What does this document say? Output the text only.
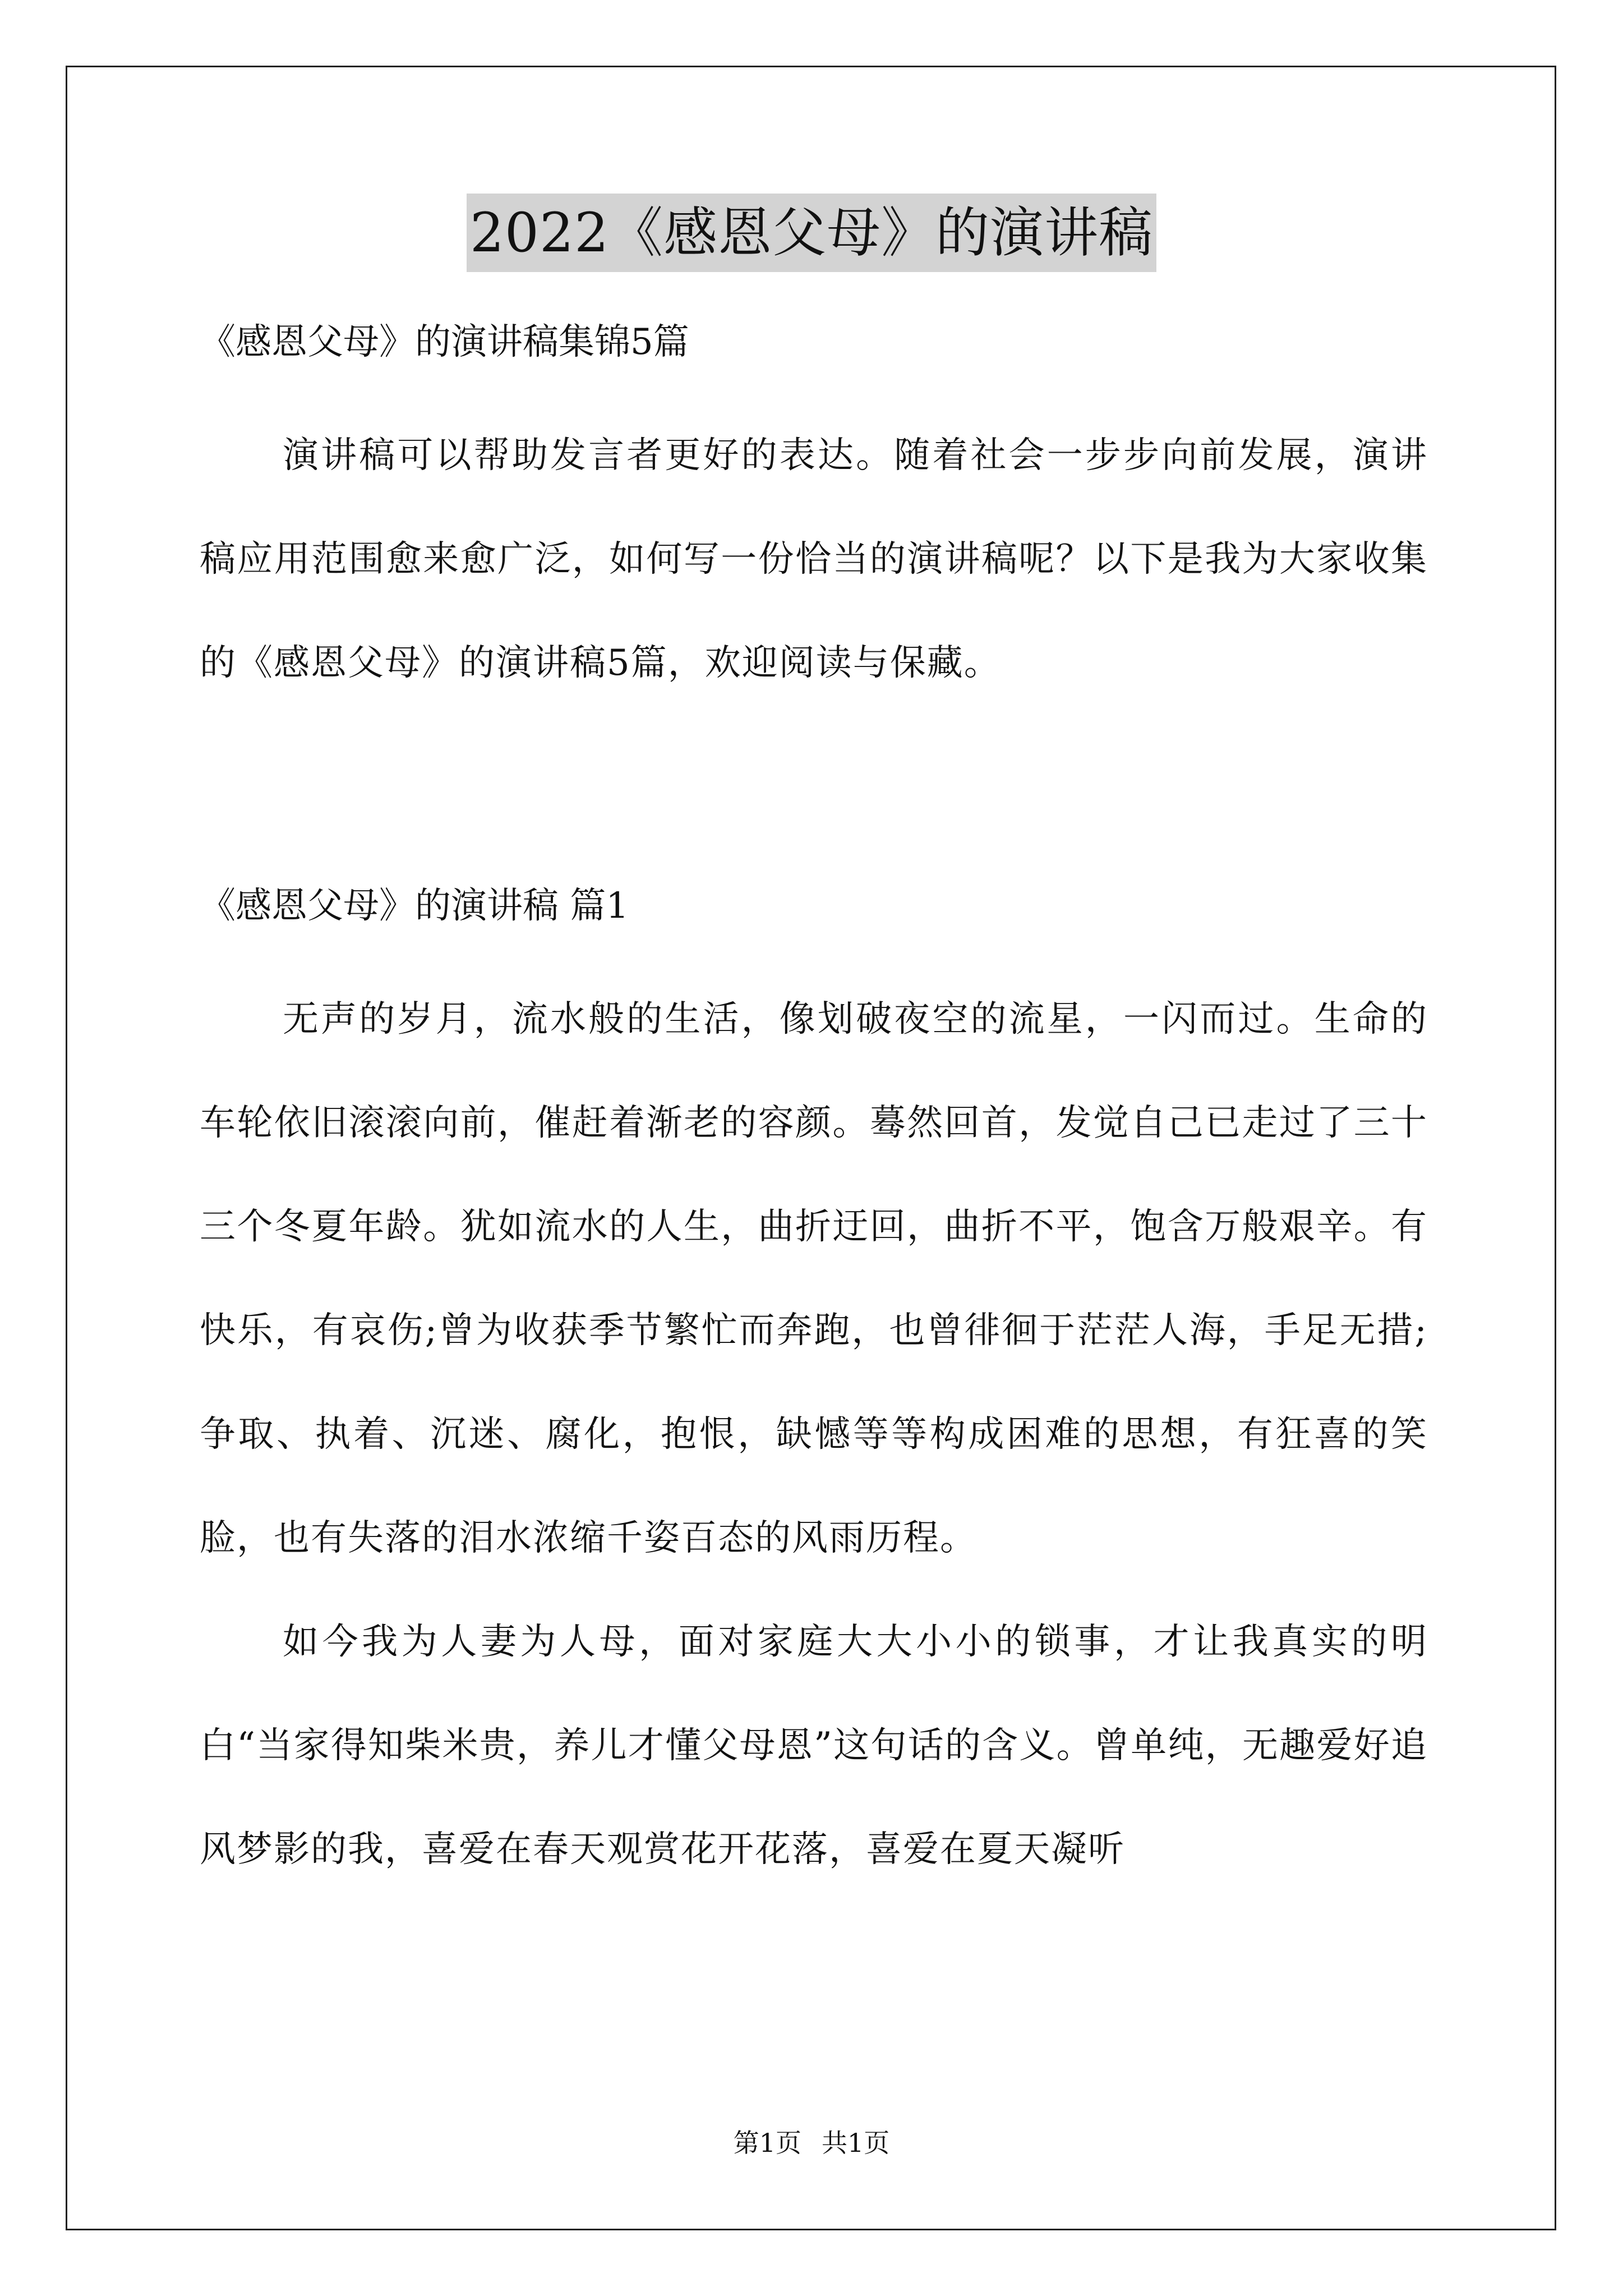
2022《感恩父母》的演讲稿

《感恩父母》的演讲稿集锦5篇

演讲稿可以帮助发言者更好的表达。随着社会一步步向前发展，演讲稿应用范围愈来愈广泛，如何写一份恰当的演讲稿呢？以下是我为大家收集的《感恩父母》的演讲稿5篇，欢迎阅读与保藏。

《感恩父母》的演讲稿 篇1

无声的岁月，流水般的生活，像划破夜空的流星，一闪而过。生命的车轮依旧滚滚向前，催赶着渐老的容颜。蓦然回首，发觉自己已走过了三十三个冬夏年龄。犹如流水的人生，曲折迂回，曲折不平，饱含万般艰辛。有快乐，有哀伤;曾为收获季节繁忙而奔跑，也曾徘徊于茫茫人海，手足无措;争取、执着、沉迷、腐化，抱恨，缺憾等等构成困难的思想，有狂喜的笑脸，也有失落的泪水浓缩千姿百态的风雨历程。

如今我为人妻为人母，面对家庭大大小小的锁事，才让我真实的明白“当家得知柴米贵，养儿才懂父母恩”这句话的含义。曾单纯，无趣爱好追风梦影的我，喜爱在春天观赏花开花落，喜爱在夏天凝听

第1页 共1页
